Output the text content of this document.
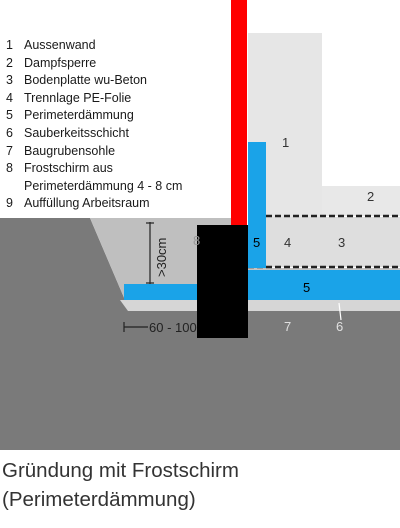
1
2
3
4
5
5
6
7
8
>30cm
60 - 100
1 Aussenwand
2 Dampfsperre
3 Bodenplatte wu-Beton
4 Trennlage PE-Folie
5 Perimeterdämmung
6 Sauberkeitsschicht
7 Baugrubensohle
8 Frostschirm aus
Perimeterdämmung 4 - 8 cm
9 Auffüllung Arbeitsraum
Gründung mit Frostschirm
(Perimeterdämmung)
